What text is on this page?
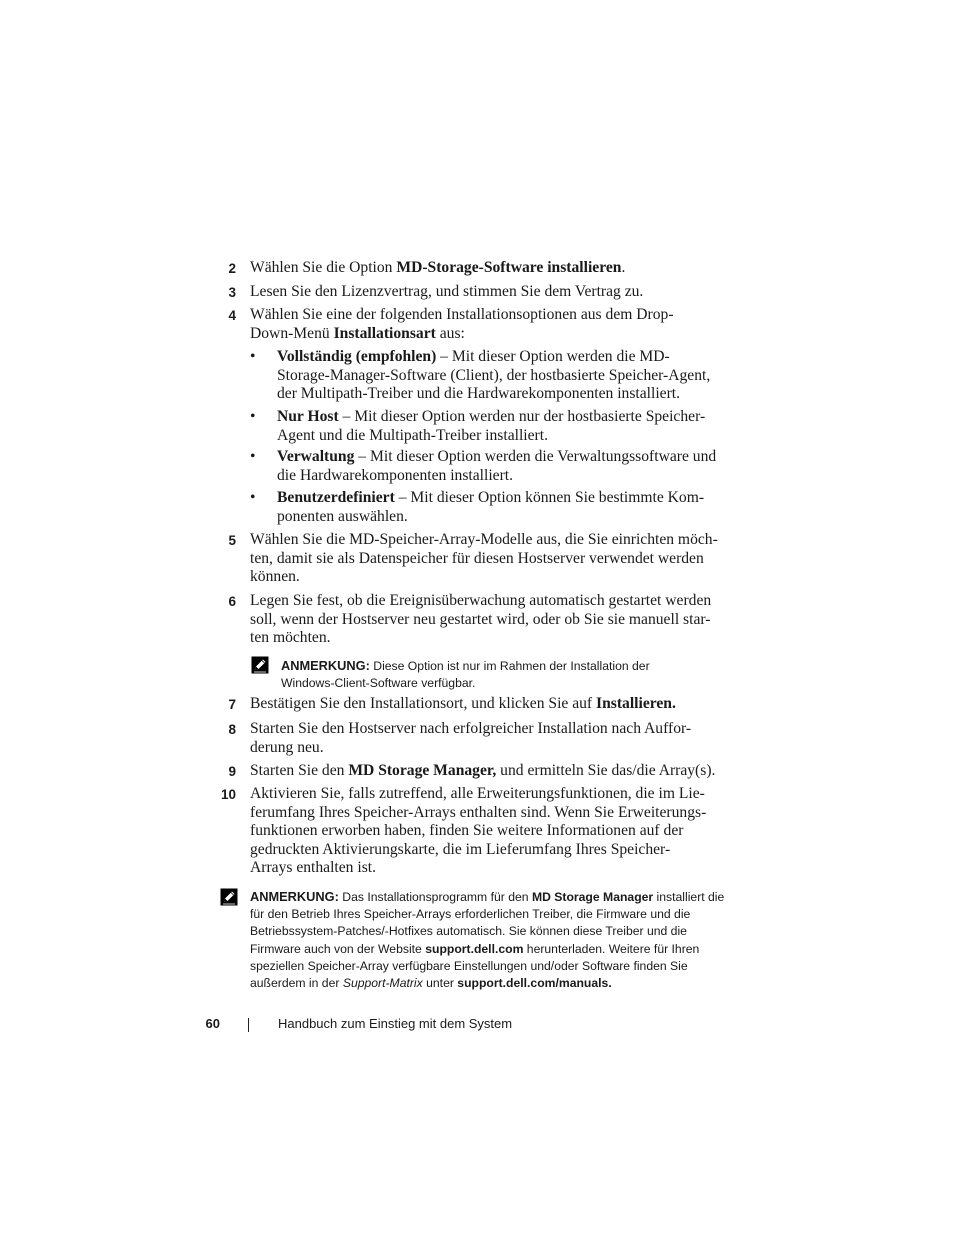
2 Wählen Sie die Option MD-Storage-Software installieren.
3 Lesen Sie den Lizenzvertrag, und stimmen Sie dem Vertrag zu.
4 Wählen Sie eine der folgenden Installationsoptionen aus dem Drop-Down-Menü Installationsart aus:
• Vollständig (empfohlen) – Mit dieser Option werden die MD-Storage-Manager-Software (Client), der hostbasierte Speicher-Agent, der Multipath-Treiber und die Hardwarekomponenten installiert.
• Nur Host – Mit dieser Option werden nur der hostbasierte Speicher-Agent und die Multipath-Treiber installiert.
• Verwaltung – Mit dieser Option werden die Verwaltungssoftware und die Hardwarekomponenten installiert.
• Benutzerdefiniert – Mit dieser Option können Sie bestimmte Kom-ponenten auswählen.
5 Wählen Sie die MD-Speicher-Array-Modelle aus, die Sie einrichten möch-ten, damit sie als Datenspeicher für diesen Hostserver verwendet werden können.
6 Legen Sie fest, ob die Ereignisüberwachung automatisch gestartet werden soll, wenn der Hostserver neu gestartet wird, oder ob Sie sie manuell star-ten möchten.
ANMERKUNG: Diese Option ist nur im Rahmen der Installation der Windows-Client-Software verfügbar.
7 Bestätigen Sie den Installationsort, und klicken Sie auf Installieren.
8 Starten Sie den Hostserver nach erfolgreicher Installation nach Auffor-derung neu.
9 Starten Sie den MD Storage Manager, und ermitteln Sie das/die Array(s).
10 Aktivieren Sie, falls zutreffend, alle Erweiterungsfunktionen, die im Lie-ferumfang Ihres Speicher-Arrays enthalten sind. Wenn Sie Erweiterungs-funktionen erworben haben, finden Sie weitere Informationen auf der gedruckten Aktivierungskarte, die im Lieferumfang Ihres Speicher-Arrays enthalten ist.
ANMERKUNG: Das Installationsprogramm für den MD Storage Manager installiert die für den Betrieb Ihres Speicher-Arrays erforderlichen Treiber, die Firmware und die Betriebssystem-Patches/-Hotfixes automatisch. Sie können diese Treiber und die Firmware auch von der Website support.dell.com herunterladen. Weitere für Ihren speziellen Speicher-Array verfügbare Einstellungen und/oder Software finden Sie außerdem in der Support-Matrix unter support.dell.com/manuals.
60	Handbuch zum Einstieg mit dem System
